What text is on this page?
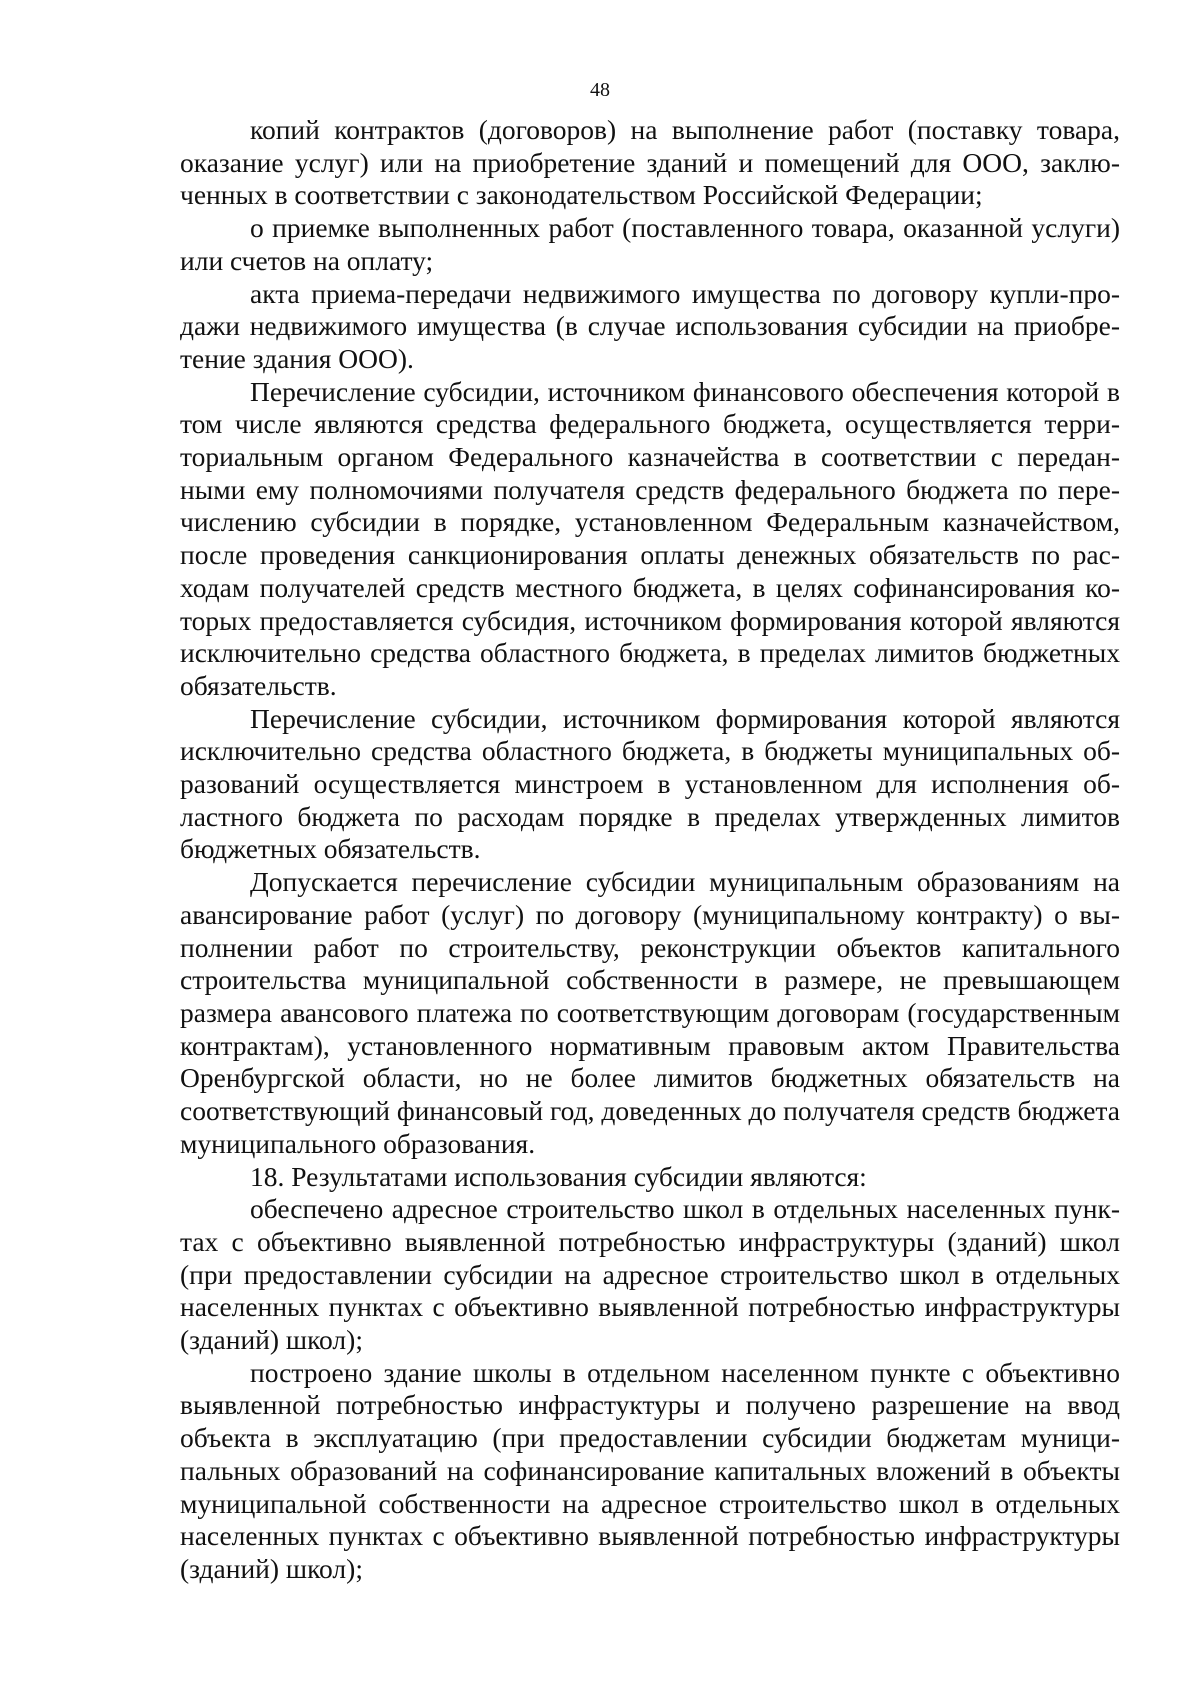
48

копий контрактов (договоров) на выполнение работ (поставку товара, оказание услуг) или на приобретение зданий и помещений для ООО, заключенных в соответствии с законодательством Российской Федерации;

о приемке выполненных работ (поставленного товара, оказанной услуги) или счетов на оплату;

акта приема-передачи недвижимого имущества по договору купли-продажи недвижимого имущества (в случае использования субсидии на приобретение здания ООО).

Перечисление субсидии, источником финансового обеспечения которой в том числе являются средства федерального бюджета, осуществляется территориальным органом Федерального казначейства в соответствии с переданными ему полномочиями получателя средств федерального бюджета по перечислению субсидии в порядке, установленном Федеральным казначейством, после проведения санкционирования оплаты денежных обязательств по расходам получателей средств местного бюджета, в целях софинансирования которых предоставляется субсидия, источником формирования которой являются исключительно средства областного бюджета, в пределах лимитов бюджетных обязательств.

Перечисление субсидии, источником формирования которой являются исключительно средства областного бюджета, в бюджеты муниципальных образований осуществляется минстроем в установленном для исполнения областного бюджета по расходам порядке в пределах утвержденных лимитов бюджетных обязательств.

Допускается перечисление субсидии муниципальным образованиям на авансирование работ (услуг) по договору (муниципальному контракту) о выполнении работ по строительству, реконструкции объектов капитального строительства муниципальной собственности в размере, не превышающем размера авансового платежа по соответствующим договорам (государственным контрактам), установленного нормативным правовым актом Правительства Оренбургской области, но не более лимитов бюджетных обязательств на соответствующий финансовый год, доведенных до получателя средств бюджета муниципального образования.

18. Результатами использования субсидии являются:

обеспечено адресное строительство школ в отдельных населенных пунктах с объективно выявленной потребностью инфраструктуры (зданий) школ (при предоставлении субсидии на адресное строительство школ в отдельных населенных пунктах с объективно выявленной потребностью инфраструктуры (зданий) школ);

построено здание школы в отдельном населенном пункте с объективно выявленной потребностью инфрастуктуры и получено разрешение на ввод объекта в эксплуатацию (при предоставлении субсидии бюджетам муниципальных образований на софинансирование капитальных вложений в объекты муниципальной собственности на адресное строительство школ в отдельных населенных пунктах с объективно выявленной потребностью инфраструктуры (зданий) школ);
